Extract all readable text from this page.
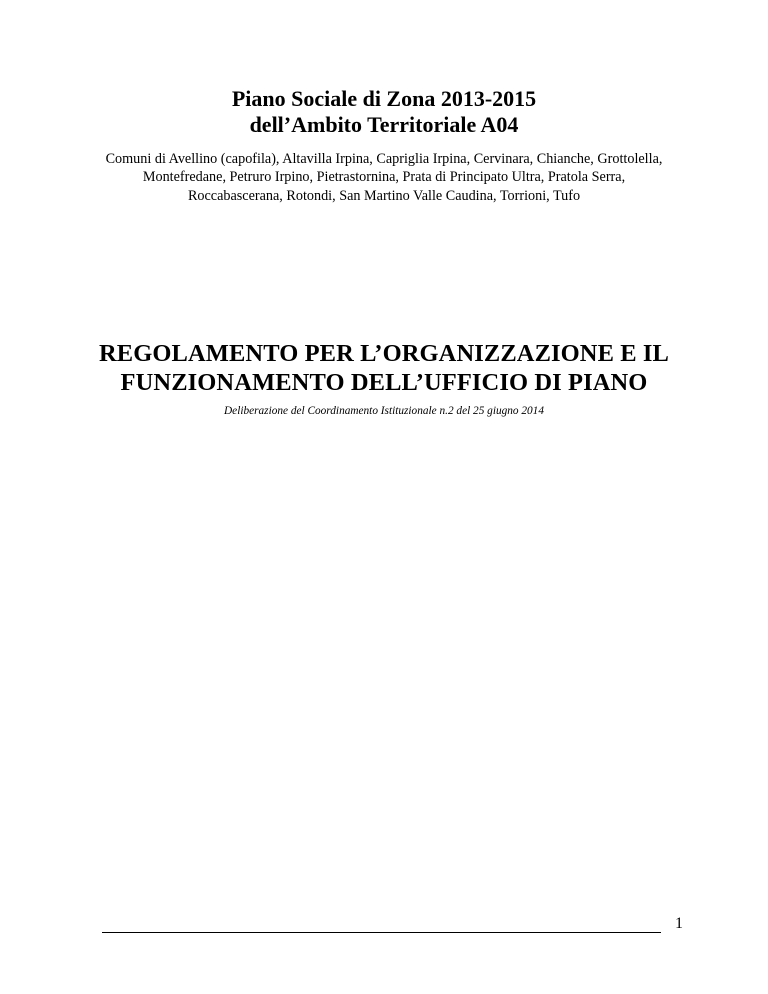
Piano Sociale di Zona 2013-2015
dell’Ambito Territoriale A04
Comuni di Avellino (capofila), Altavilla Irpina, Capriglia Irpina, Cervinara, Chianche, Grottolella,
Montefredane, Petruro Irpino, Pietrastornina, Prata di Principato Ultra, Pratola Serra,
Roccabascerana, Rotondi, San Martino Valle Caudina, Torrioni, Tufo
REGOLAMENTO PER L’ORGANIZZAZIONE E IL
FUNZIONAMENTO DELL’UFFICIO DI PIANO
Deliberazione del Coordinamento Istituzionale n.2 del 25 giugno 2014
1
